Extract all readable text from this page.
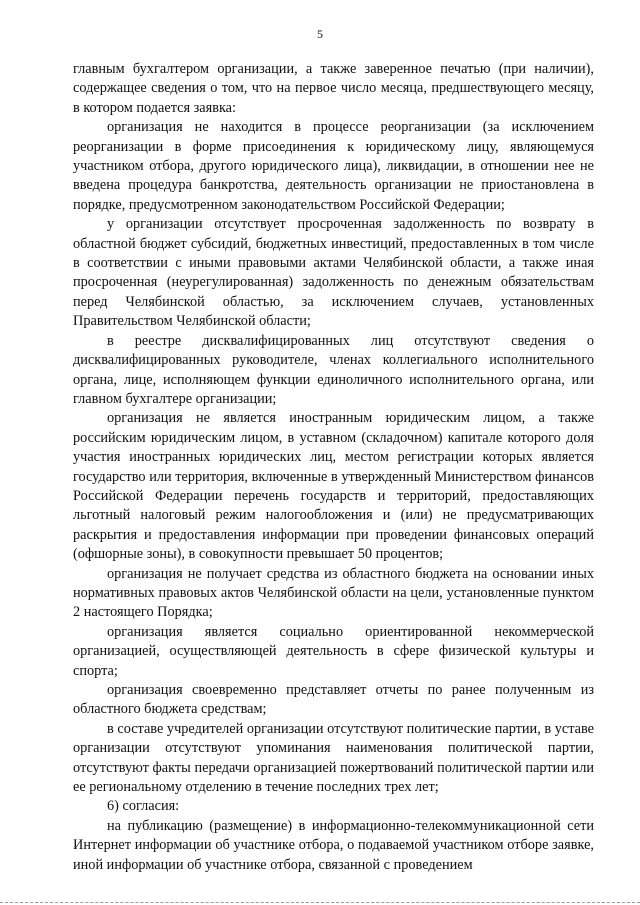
5

главным бухгалтером организации, а также заверенное печатью (при наличии), содержащее сведения о том, что на первое число месяца, предшествующего месяцу, в котором подается заявка:

организация не находится в процессе реорганизации (за исключением реорганизации в форме присоединения к юридическому лицу, являющемуся участником отбора, другого юридического лица), ликвидации, в отношении нее не введена процедура банкротства, деятельность организации не приостановлена в порядке, предусмотренном законодательством Российской Федерации;

у организации отсутствует просроченная задолженность по возврату в областной бюджет субсидий, бюджетных инвестиций, предоставленных в том числе в соответствии с иными правовыми актами Челябинской области, а также иная просроченная (неурегулированная) задолженность по денежным обязательствам перед Челябинской областью, за исключением случаев, установленных Правительством Челябинской области;

в реестре дисквалифицированных лиц отсутствуют сведения о дисквалифицированных руководителе, членах коллегиального исполнительного органа, лице, исполняющем функции единоличного исполнительного органа, или главном бухгалтере организации;

организация не является иностранным юридическим лицом, а также российским юридическим лицом, в уставном (складочном) капитале которого доля участия иностранных юридических лиц, местом регистрации которых является государство или территория, включенные в утвержденный Министерством финансов Российской Федерации перечень государств и территорий, предоставляющих льготный налоговый режим налогообложения и (или) не предусматривающих раскрытия и предоставления информации при проведении финансовых операций (офшорные зоны), в совокупности превышает 50 процентов;

организация не получает средства из областного бюджета на основании иных нормативных правовых актов Челябинской области на цели, установленные пунктом 2 настоящего Порядка;

организация является социально ориентированной некоммерческой организацией, осуществляющей деятельность в сфере физической культуры и спорта;

организация своевременно представляет отчеты по ранее полученным из областного бюджета средствам;

в составе учредителей организации отсутствуют политические партии, в уставе организации отсутствуют упоминания наименования политической партии, отсутствуют факты передачи организацией пожертвований политической партии или ее региональному отделению в течение последних трех лет;

6) согласия:

на публикацию (размещение) в информационно-телекоммуникационной сети Интернет информации об участнике отбора, о подаваемой участником отборе заявке, иной информации об участнике отбора, связанной с проведением
